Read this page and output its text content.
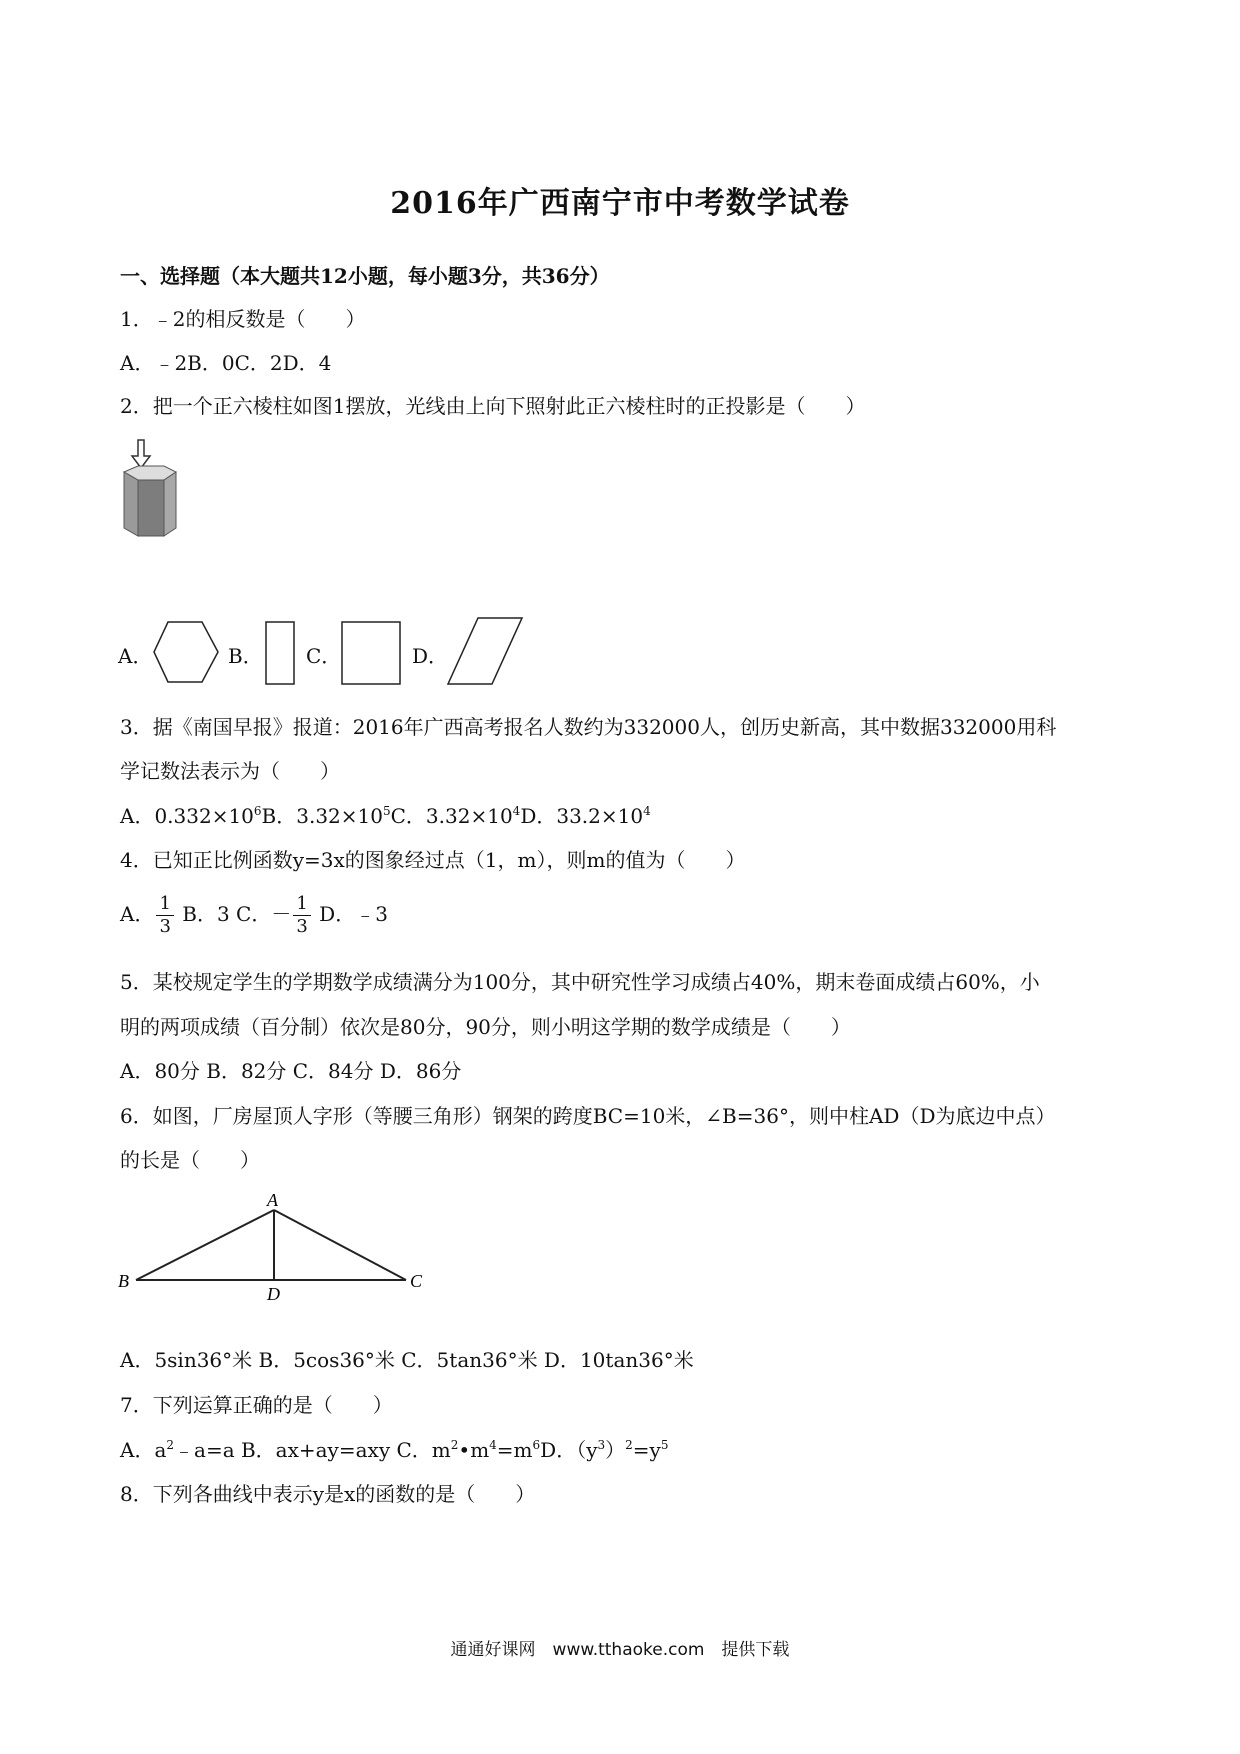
2016年广西南宁市中考数学试卷
一、选择题（本大题共12小题，每小题3分，共36分）
1．﹣2的相反数是（　　）
A．﹣2B．0C．2D．4
2．把一个正六棱柱如图1摆放，光线由上向下照射此正六棱柱时的正投影是（　　）
A．	B． C．	D．
3．据《南国早报》报道：2016年广西高考报名人数约为332000人，创历史新高，其中数据332000用科
学记数法表示为（　　）
A．$0.332\times 10^6B$．$3.32\times 10^5C$．$3.32\times 10^4D$．$33.2\times 10^4$
4．已知正比例函数y=3x的图象经过点（1，m），则m的值为（　　）
A． $\frac{1}{3}$ B．3 C．－ $\frac{1}{3}$ D．﹣3
5．某校规定学生的学期数学成绩满分为100分，其中研究性学习成绩占40%，期末卷面成绩占60%，小
明的两项成绩（百分制）依次是80分，90分，则小明这学期的数学成绩是（　　）
A．80分 B．82分 C．84分 D．86分
6．如图，厂房屋顶人字形（等腰三角形）钢架的跨度BC=10米，∠B=36°，则中柱AD（D为底边中点）
的长是（　　）
A
B	C
D
A．5sin36°米 B．5cos36°米 C．5tan36°米 D．10tan36°米
7．下列运算正确的是（　　）
A．$a^2﹣a=a$ B．ax+ay=axy C．$m^2•m^4=m^6D$．$(y^3)^2=y^5$
8．下列各曲线中表示y是x的函数的是（　　）
通通好课网　www.tthaoke.com　提供下载
